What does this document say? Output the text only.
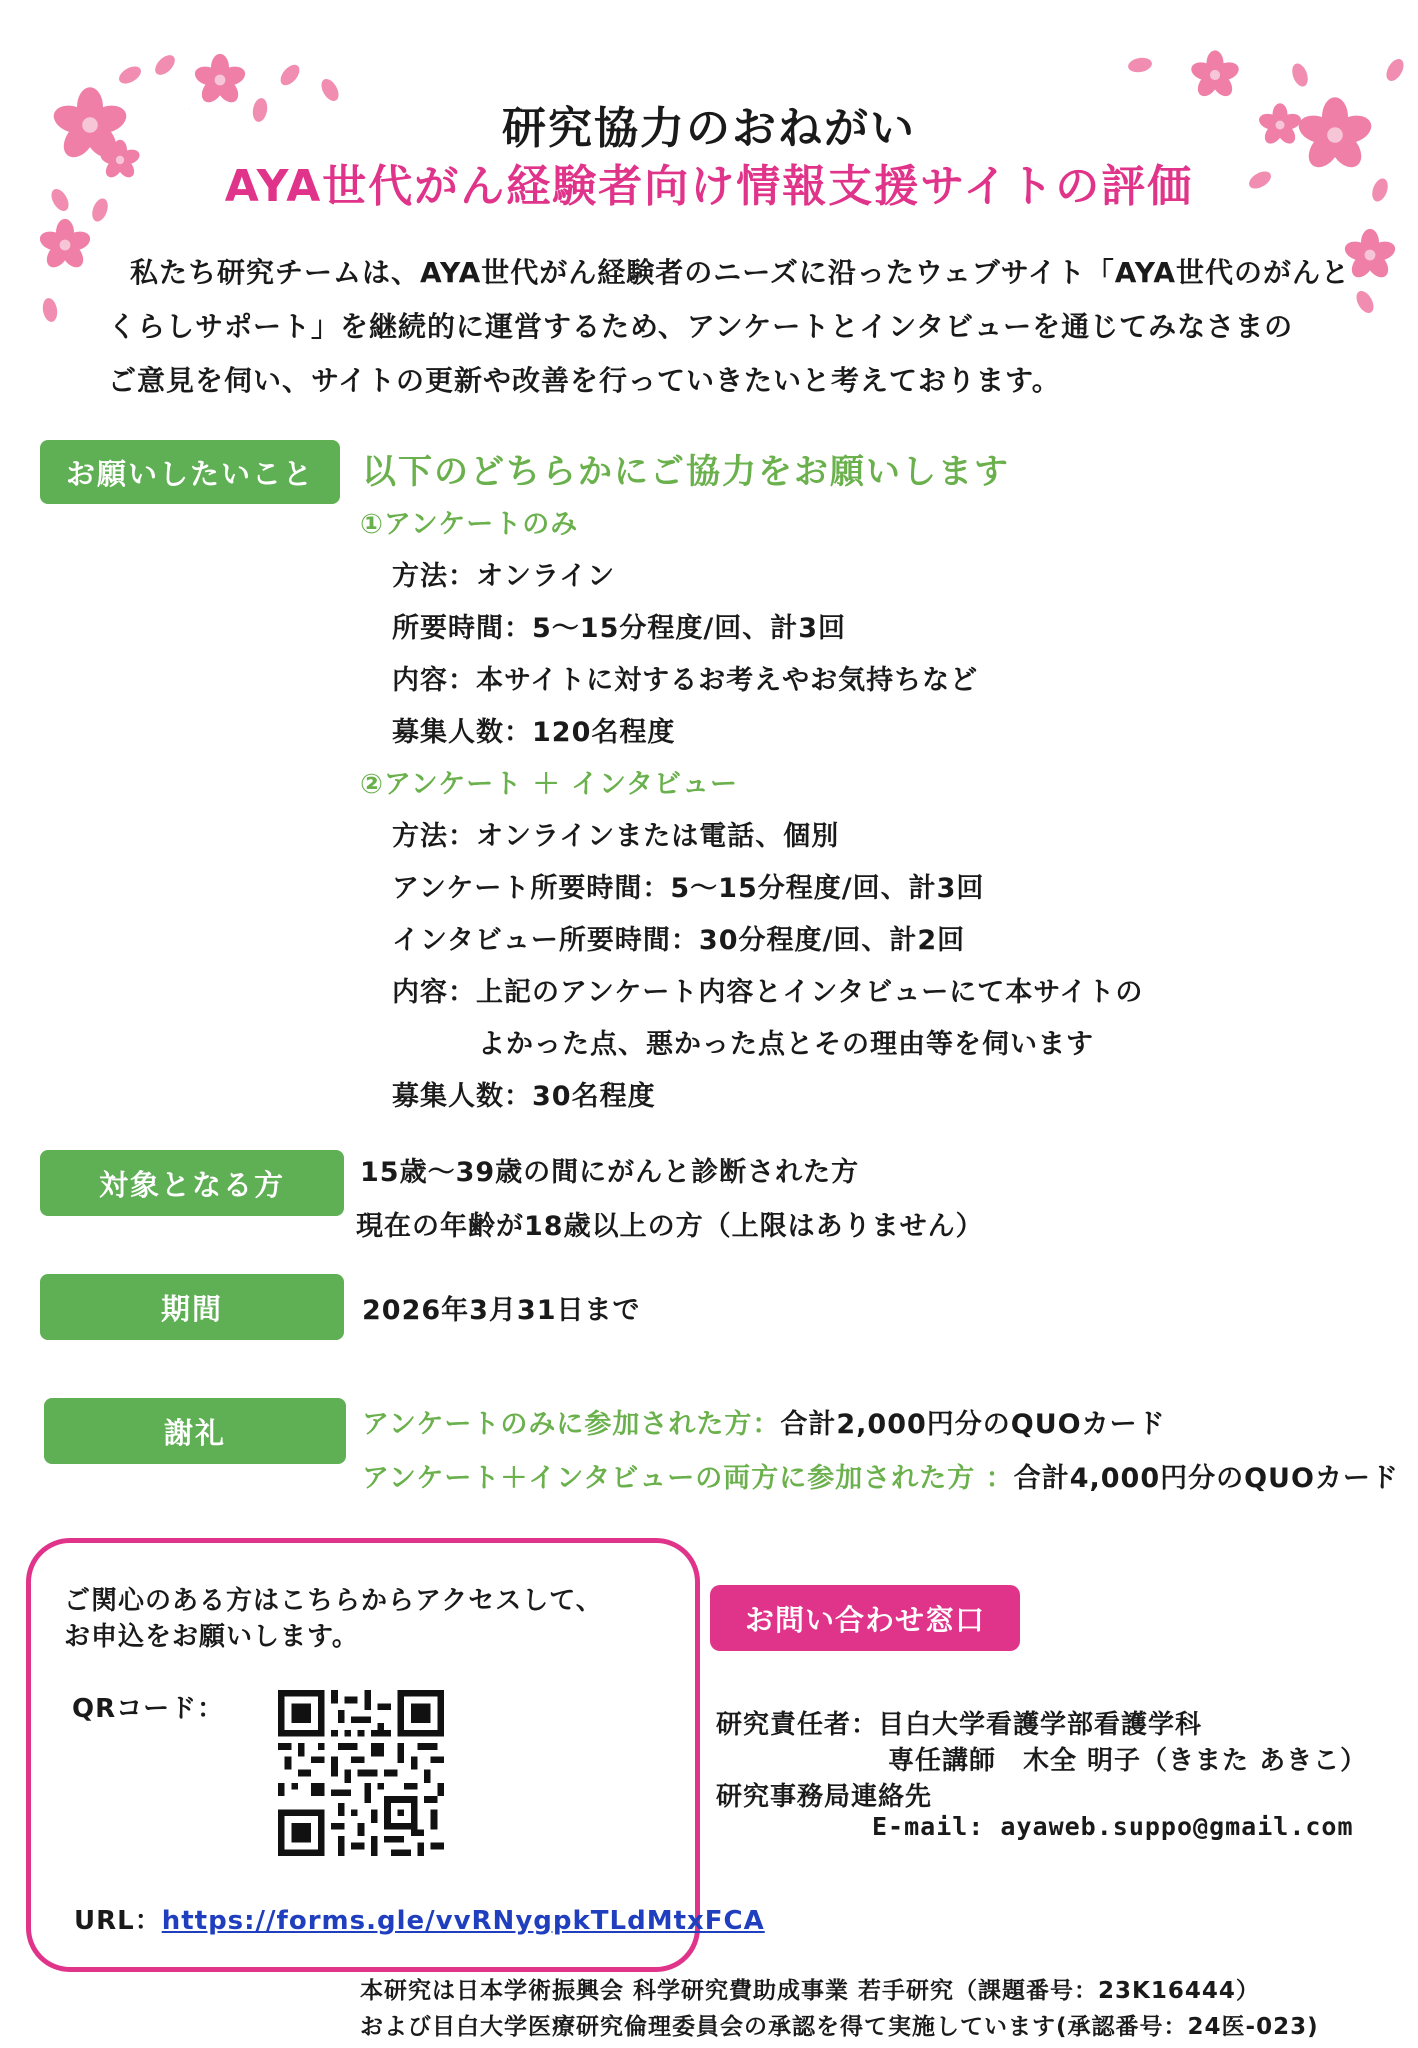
研究協力のおねがい
AYA世代がん経験者向け情報支援サイトの評価

私たち研究チームは、AYA世代がん経験者のニーズに沿ったウェブサイト「AYA世代のがんと

くらしサポート」を継続的に運営するため、アンケートとインタビューを通じてみなさまの

ご意見を伺い、サイトの更新や改善を行っていきたいと考えております。

お願いしたいこと 以下のどちらかにご協力をお願いします
①アンケートのみ
方法：オンライン
所要時間：5～15分程度/回、計3回
内容：本サイトに対するお考えやお気持ちなど
募集人数：120名程度
②アンケート ＋ インタビュー
方法：オンラインまたは電話、個別
アンケート所要時間：5～15分程度/回、計3回
インタビュー所要時間：30分程度/回、計2回
内容：上記のアンケート内容とインタビューにて本サイトの
よかった点、悪かった点とその理由等を伺います
募集人数：30名程度
対象となる方	15歳～39歳の間にがんと診断された方
現在の年齢が18歳以上の方（上限はありません）
期間	2026年3月31日まで
謝礼	アンケートのみに参加された方：合計2,000円分のQUOカード
アンケート＋インタビューの両方に参加された方 ：合計4,000円分のQUOカード
ご関心のある方はこちらからアクセスして、
お申込をお願いします。
QRコード：
URL：https://forms.gle/vvRNygpkTLdMtxFCA
お問い合わせ窓口
研究責任者：目白大学看護学部看護学科
専任講師　木全 明子（きまた あきこ）
研究事務局連絡先
E-mail: ayaweb.suppo@gmail.com
本研究は日本学術振興会 科学研究費助成事業 若手研究（課題番号：23K16444）
および目白大学医療研究倫理委員会の承認を得て実施しています(承認番号：24医-023)
